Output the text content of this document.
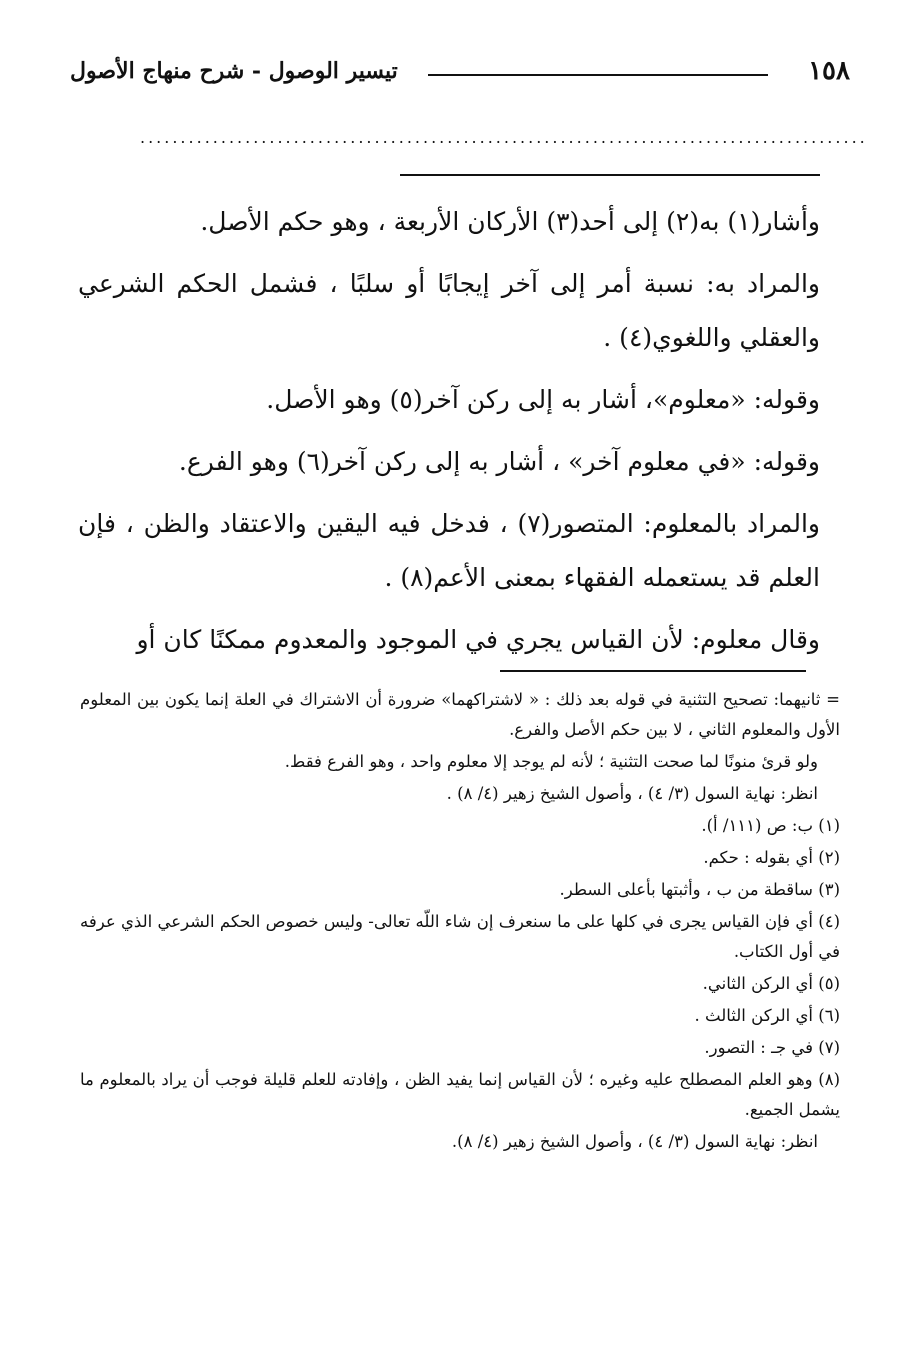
١٥٨
تيسير الوصول - شرح منهاج الأصول
..........................................................................................

وأشار(١) به(٢) إلى أحد(٣) الأركان الأربعة ، وهو حكم الأصل.

والمراد به: نسبة أمر إلى آخر إيجابًا أو سلبًا ، فشمل الحكم الشرعي والعقلي واللغوي(٤) .

وقوله: «معلوم»، أشار به إلى ركن آخر(٥) وهو الأصل.

وقوله: «في معلوم آخر» ، أشار به إلى ركن آخر(٦) وهو الفرع.

والمراد بالمعلوم: المتصور(٧) ، فدخل فيه اليقين والاعتقاد والظن ، فإن العلم قد يستعمله الفقهاء بمعنى الأعم(٨) .

وقال معلوم: لأن القياس يجري في الموجود والمعدوم ممكنًا كان أو

= ثانيهما: تصحيح التثنية في قوله بعد ذلك : « لاشتراكهما» ضرورة أن الاشتراك في العلة إنما يكون بين المعلوم الأول والمعلوم الثاني ، لا بين حكم الأصل والفرع.

ولو قرئ منونًا لما صحت التثنية ؛ لأنه لم يوجد إلا معلوم واحد ، وهو الفرع فقط.

انظر: نهاية السول (٣/ ٤) ، وأصول الشيخ زهير (٤/ ٨) .

(١) ب: ص (١١١/ أ).

(٢) أي بقوله : حكم.

(٣) ساقطة من ب ، وأثبتها بأعلى السطر.

(٤) أي فإن القياس يجرى في كلها على ما سنعرف إن شاء اللّه تعالى- وليس خصوص الحكم الشرعي الذي عرفه في أول الكتاب.

(٥) أي الركن الثاني.

(٦) أي الركن الثالث .

(٧) في جـ : التصور.

(٨) وهو العلم المصطلح عليه وغيره ؛ لأن القياس إنما يفيد الظن ، وإفادته للعلم قليلة فوجب أن يراد بالمعلوم ما يشمل الجميع.

انظر: نهاية السول (٣/ ٤) ، وأصول الشيخ زهير (٤/ ٨).
